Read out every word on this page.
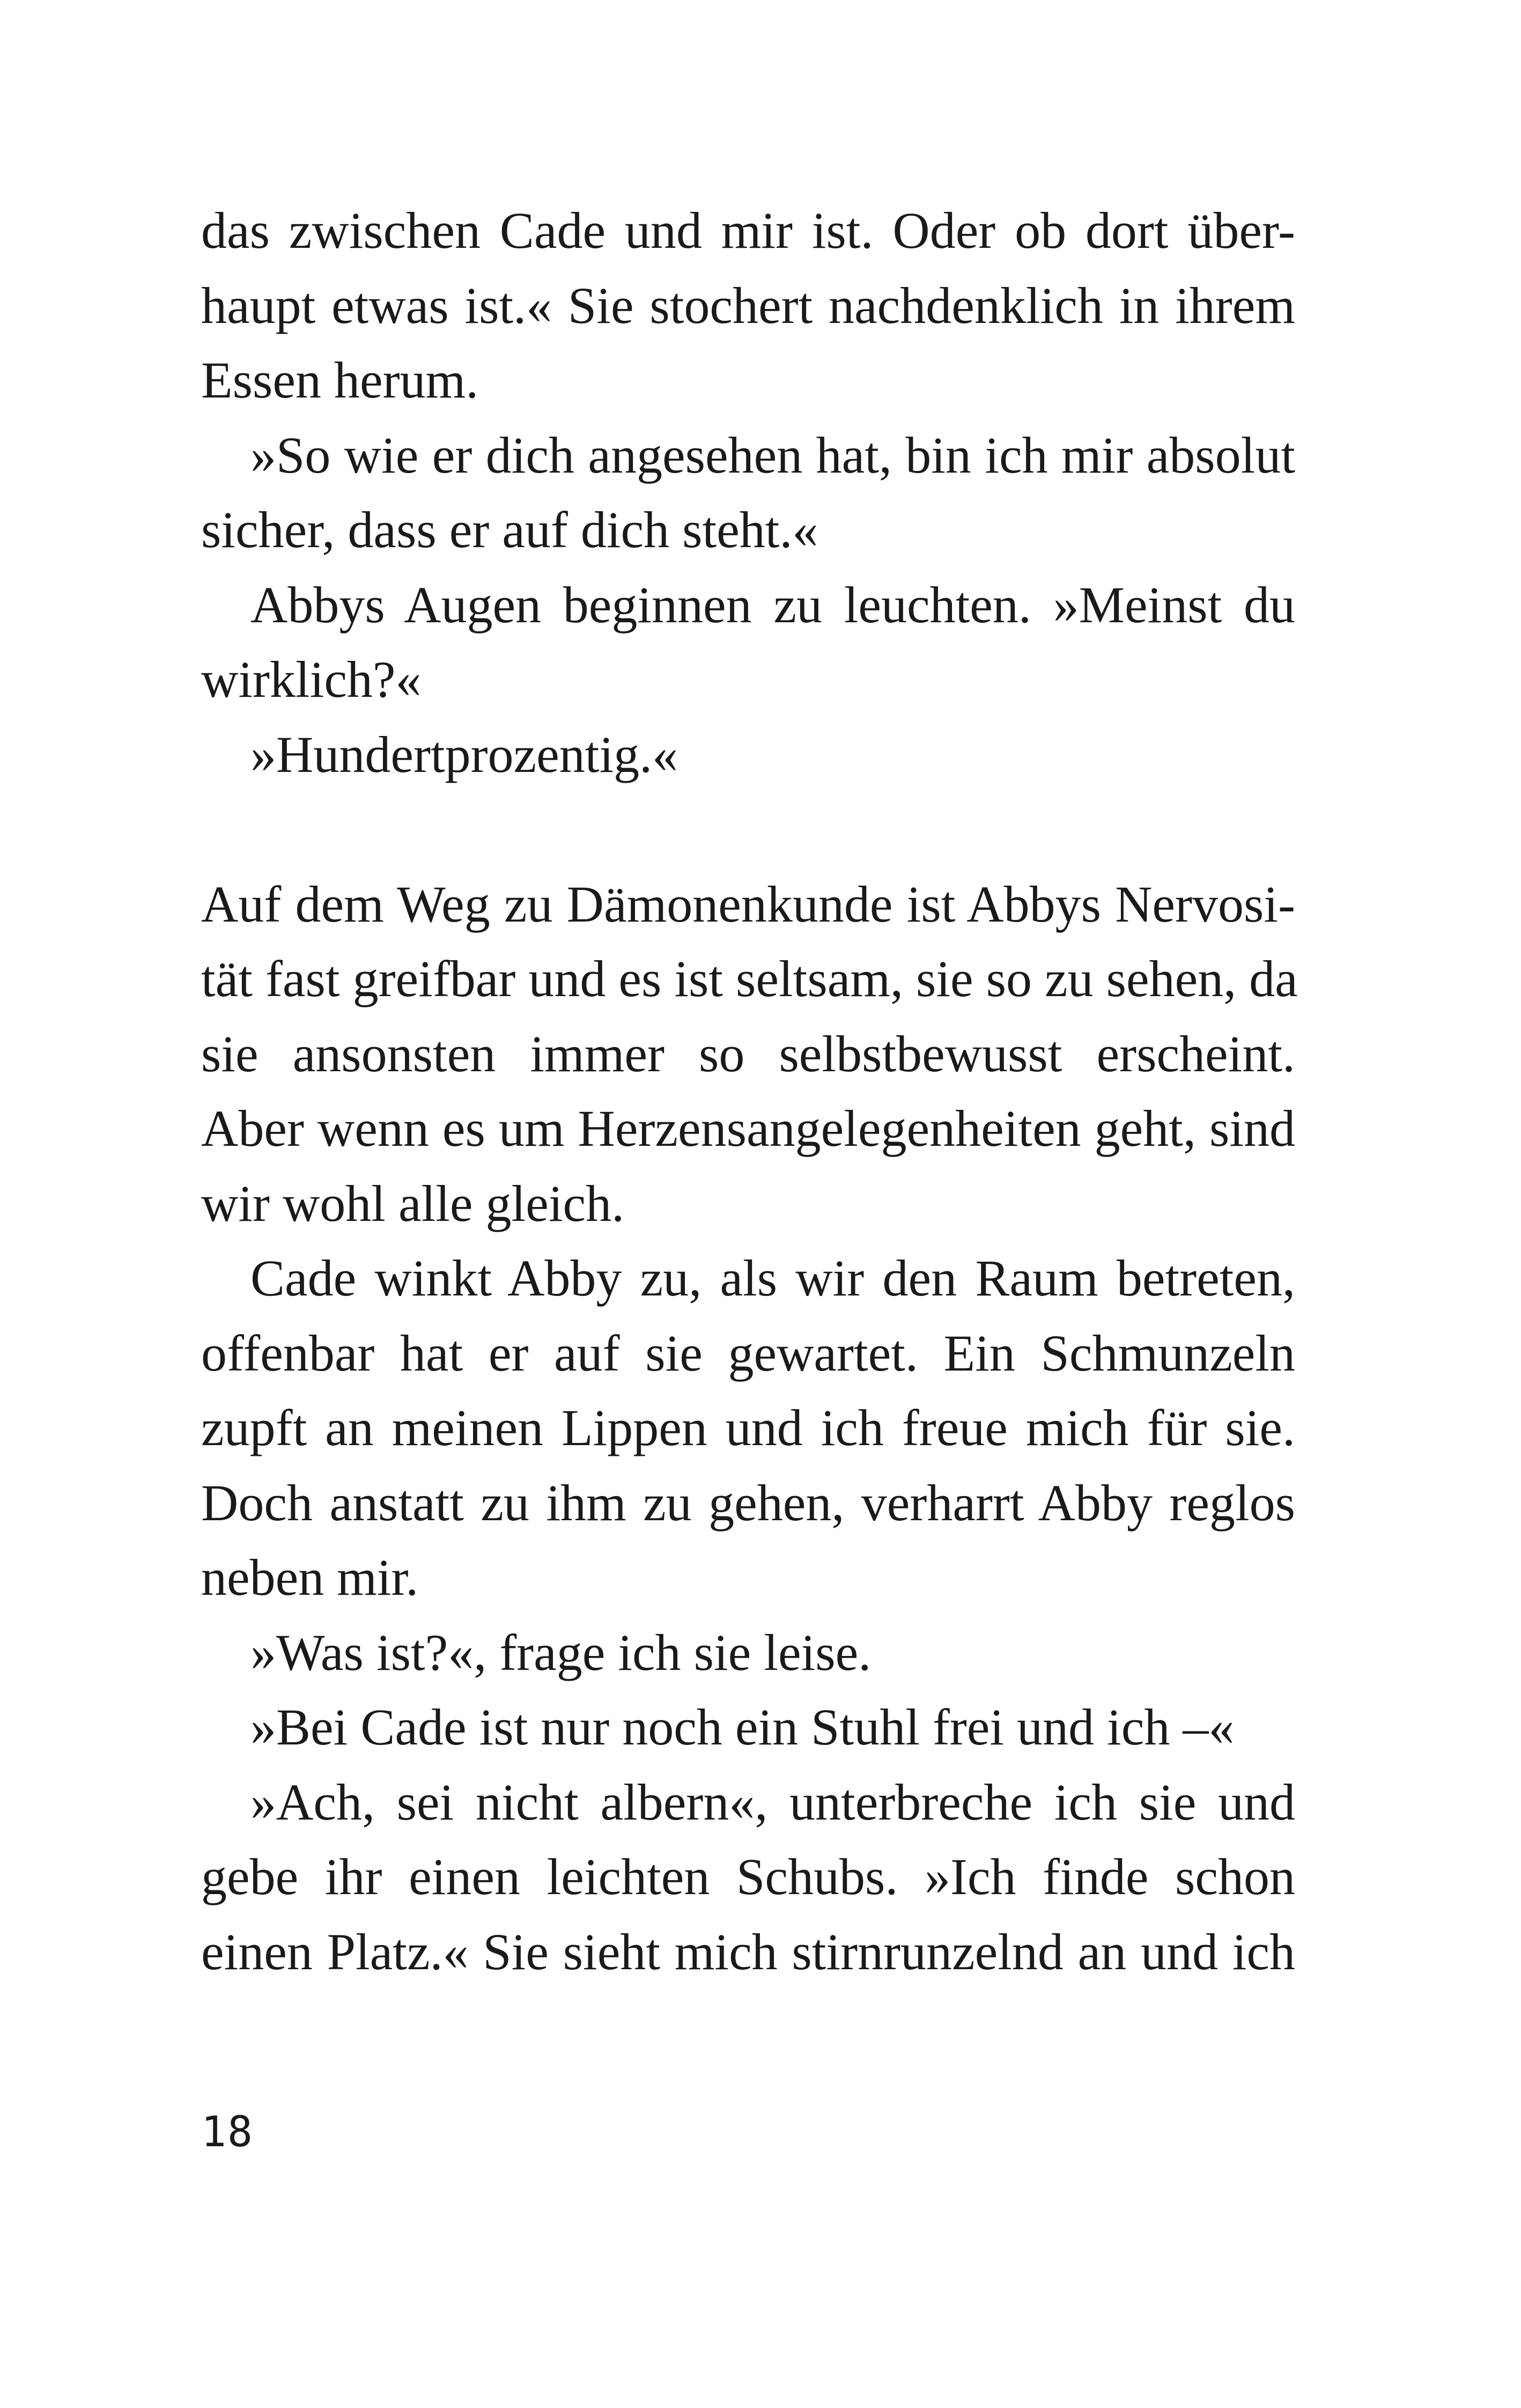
das zwischen Cade und mir ist. Oder ob dort über-
haupt etwas ist.« Sie stochert nachdenklich in ihrem
Essen herum.
»So wie er dich angesehen hat, bin ich mir absolut
sicher, dass er auf dich steht.«
Abbys Augen beginnen zu leuchten. »Meinst du
wirklich?«
»Hundertprozentig.«
Auf dem Weg zu Dämonenkunde ist Abbys Nervosi-
tät fast greifbar und es ist seltsam, sie so zu sehen, da
sie ansonsten immer so selbstbewusst erscheint.
Aber wenn es um Herzensangelegenheiten geht, sind
wir wohl alle gleich.
Cade winkt Abby zu, als wir den Raum betreten,
offenbar hat er auf sie gewartet. Ein Schmunzeln
zupft an meinen Lippen und ich freue mich für sie.
Doch anstatt zu ihm zu gehen, verharrt Abby reglos
neben mir.
»Was ist?«, frage ich sie leise.
»Bei Cade ist nur noch ein Stuhl frei und ich –«
»Ach, sei nicht albern«, unterbreche ich sie und
gebe ihr einen leichten Schubs. »Ich finde schon
einen Platz.« Sie sieht mich stirnrunzelnd an und ich
18
